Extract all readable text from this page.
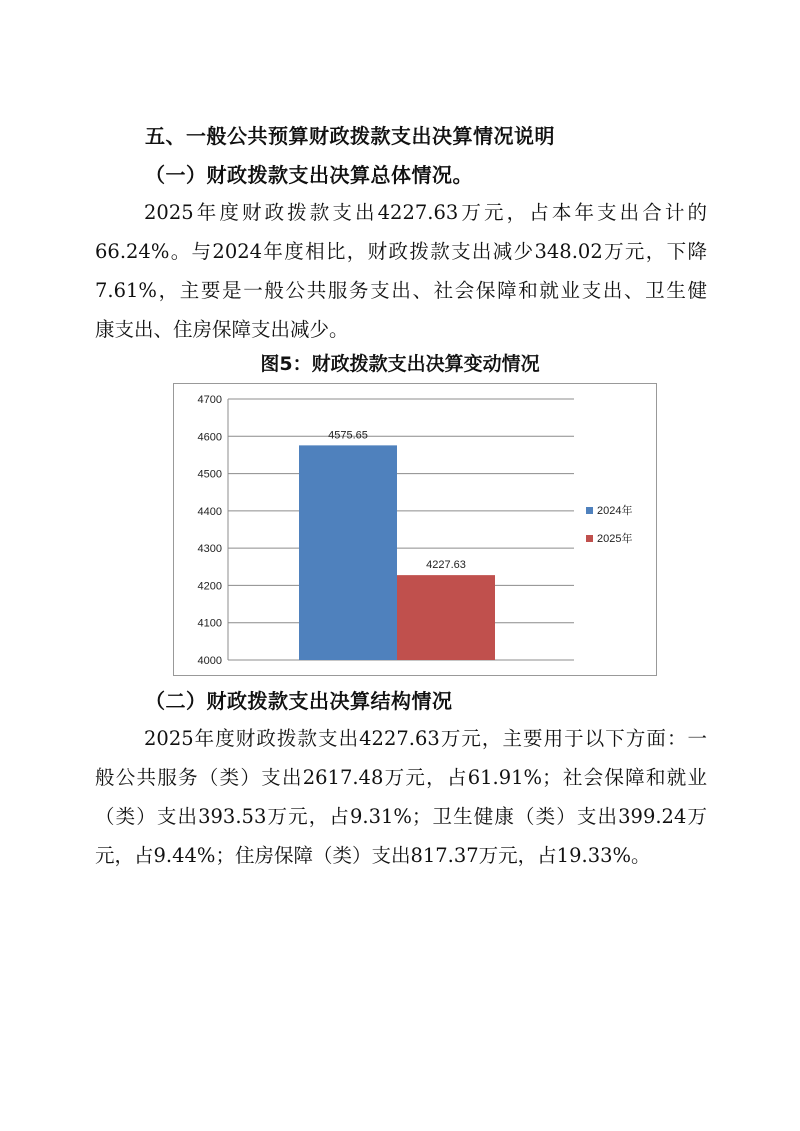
五、一般公共预算财政拨款支出决算情况说明
（一）财政拨款支出决算总体情况。
2025年度财政拨款支出4227.63万元，占本年支出合计的
66.24%。与2024年度相比，财政拨款支出减少348.02万元，下降
7.61%，主要是一般公共服务支出、社会保障和就业支出、卫生健
康支出、住房保障支出减少。
图5：财政拨款支出决算变动情况
4000
4100
4200
4300
4400
4500
4600
4700
4575.65
4227.63
2024年
2025年
（二）财政拨款支出决算结构情况
2025年度财政拨款支出4227.63万元，主要用于以下方面：一
般公共服务（类）支出2617.48万元，占61.91%；社会保障和就业
（类）支出393.53万元，占9.31%；卫生健康（类）支出399.24万
元，占9.44%；住房保障（类）支出817.37万元，占19.33%。
